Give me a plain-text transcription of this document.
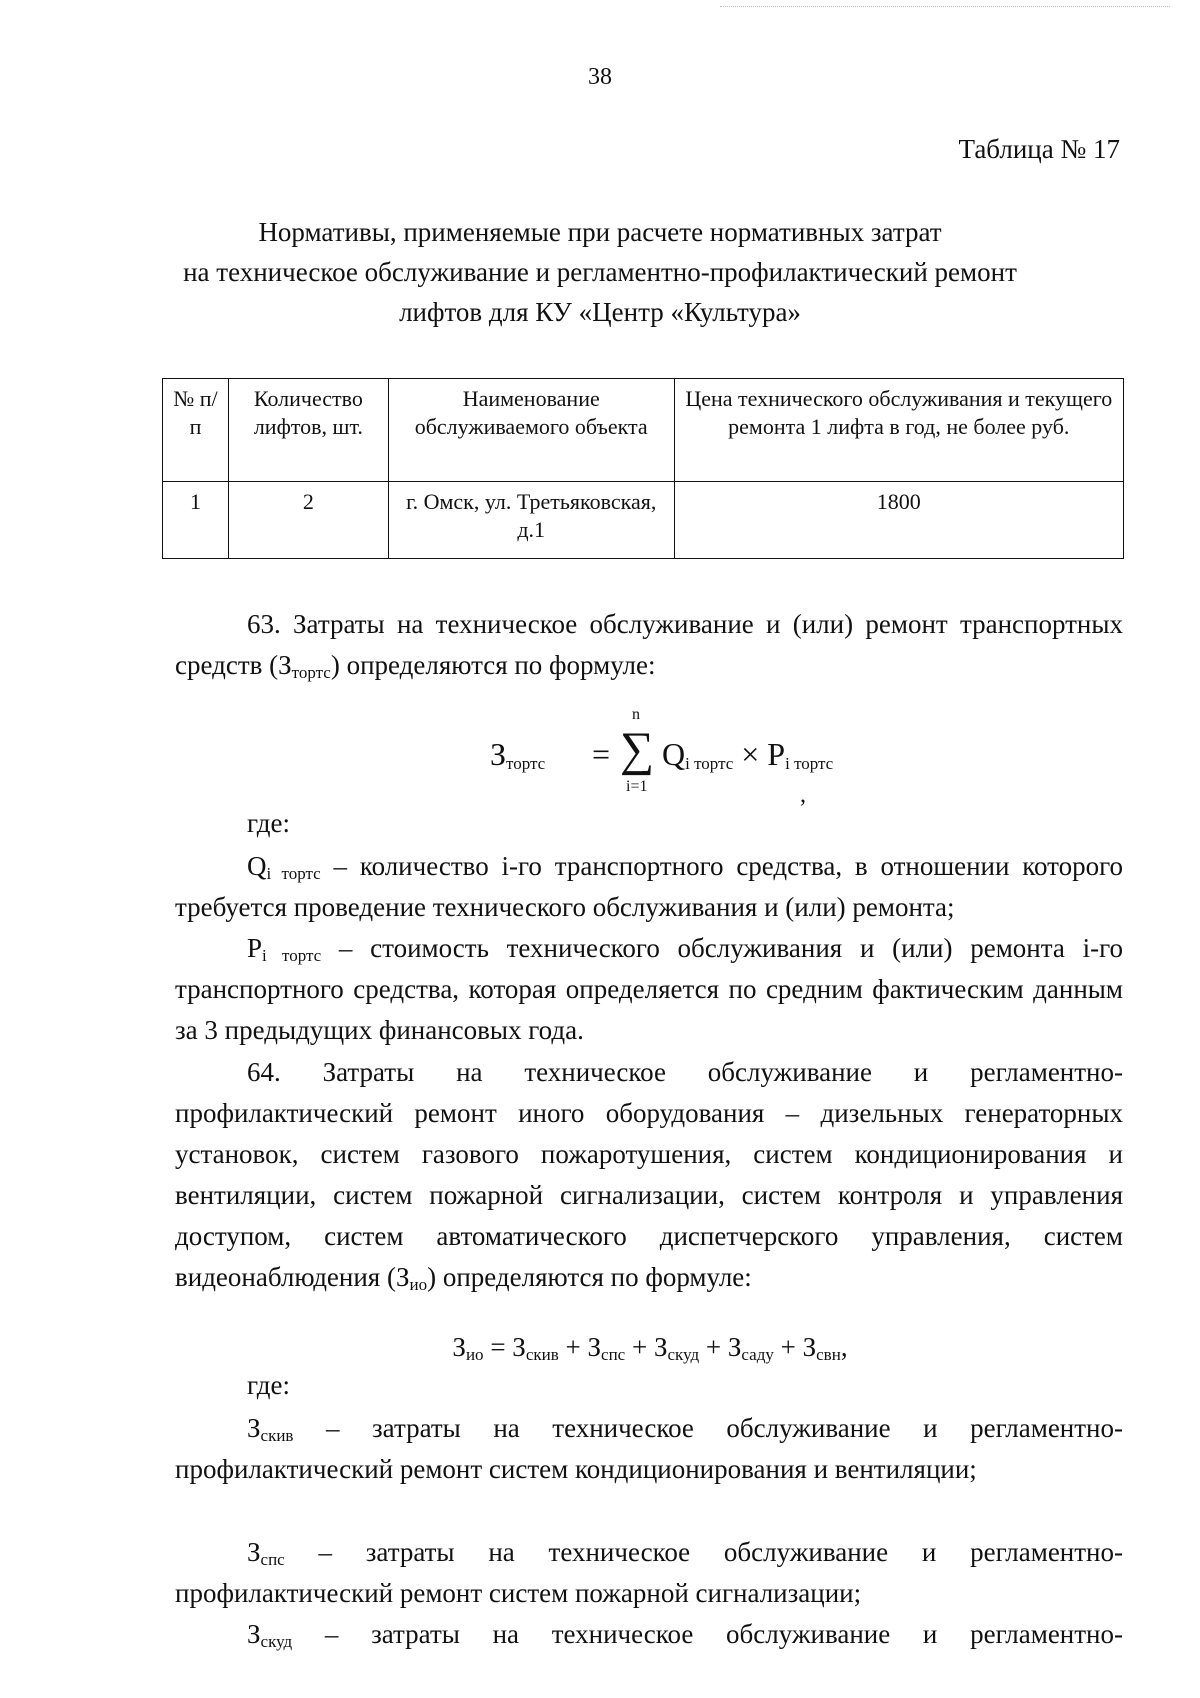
38
Таблица № 17
Нормативы, применяемые при расчете нормативных затрат
на техническое обслуживание и регламентно-профилактический ремонт
лифтов для КУ «Центр «Культура»
№ п/п	Количество лифтов, шт.	Наименование обслуживаемого объекта	Цена технического обслуживания и текущего ремонта 1 лифта в год, не более руб.
1	2	г. Омск, ул. Третьяковская, д.1	1800
63. Затраты на техническое обслуживание и (или) ремонт транспортных средств $(З_{тортс})$ определяются по формуле:
$З_{тортс}$ =
n
∑
i=1
$Q_{i тортс} \times P_{i тортс}$
,
где:
$Q_{i тортс}$ – количество i-го транспортного средства, в отношении которого требуется проведение технического обслуживания и (или) ремонта;
$P_{i тортс}$ – стоимость технического обслуживания и (или) ремонта i-го транспортного средства, которая определяется по средним фактическим данным за 3 предыдущих финансовых года.
64. Затраты на техническое обслуживание и регламентно-профилактический ремонт иного оборудования – дизельных генераторных установок, систем газового пожаротушения, систем кондиционирования и вентиляции, систем пожарной сигнализации, систем контроля и управления доступом, систем автоматического диспетчерского управления, систем видеонаблюдения $(З_{ио})$ определяются по формуле:
$З_{ио} = З_{скив} + З_{спс} + З_{скуд} + З_{саду} + З_{свн}$,
где:
$З_{скив}$ – затраты на техническое обслуживание и регламентно-профилактический ремонт систем кондиционирования и вентиляции;
$З_{спс}$ – затраты на техническое обслуживание и регламентно-профилактический ремонт систем пожарной сигнализации;
$З_{скуд}$ – затраты на техническое обслуживание и регламентно-
